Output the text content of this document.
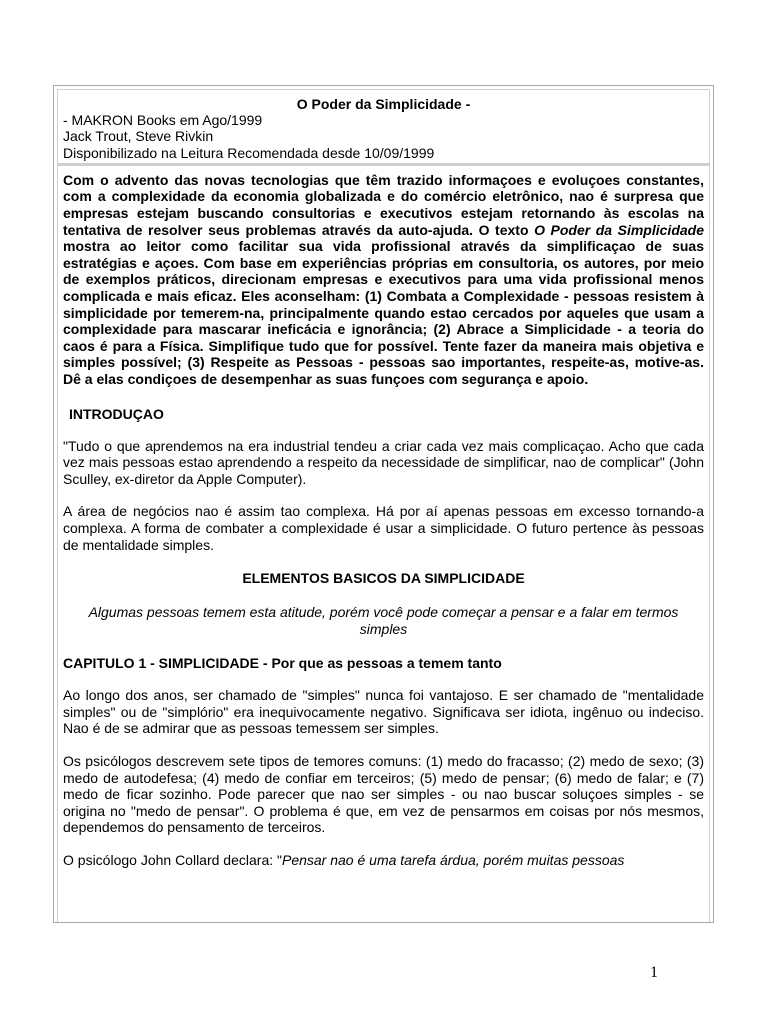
O Poder da Simplicidade -
- MAKRON Books em Ago/1999
Jack Trout, Steve Rivkin
Disponibilizado na Leitura Recomendada desde 10/09/1999

Com o advento das novas tecnologias que têm trazido informaçoes e evoluçoes constantes, com a complexidade da economia globalizada e do comércio eletrônico, nao é surpresa que empresas estejam buscando consultorias e executivos estejam retornando às escolas na tentativa de resolver seus problemas através da auto-ajuda. O texto O Poder da Simplicidade mostra ao leitor como facilitar sua vida profissional através da simplificaçao de suas estratégias e açoes. Com base em experiências próprias em consultoria, os autores, por meio de exemplos práticos, direcionam empresas e executivos para uma vida profissional menos complicada e mais eficaz. Eles aconselham: (1) Combata a Complexidade - pessoas resistem à simplicidade por temerem-na, principalmente quando estao cercados por aqueles que usam a complexidade para mascarar ineficácia e ignorância; (2) Abrace a Simplicidade - a teoria do caos é para a Física. Simplifique tudo que for possível. Tente fazer da maneira mais objetiva e simples possível; (3) Respeite as Pessoas - pessoas sao importantes, respeite-as, motive-as. Dê a elas condiçoes de desempenhar as suas funçoes com segurança e apoio.

INTRODUÇAO

"Tudo o que aprendemos na era industrial tendeu a criar cada vez mais complicaçao. Acho que cada vez mais pessoas estao aprendendo a respeito da necessidade de simplificar, nao de complicar" (John Sculley, ex-diretor da Apple Computer).

A área de negócios nao é assim tao complexa. Há por aí apenas pessoas em excesso tornando-a complexa. A forma de combater a complexidade é usar a simplicidade. O futuro pertence às pessoas de mentalidade simples.

ELEMENTOS BASICOS DA SIMPLICIDADE

Algumas pessoas temem esta atitude, porém você pode começar a pensar e a falar em termos simples

CAPITULO 1 - SIMPLICIDADE - Por que as pessoas a temem tanto

Ao longo dos anos, ser chamado de "simples" nunca foi vantajoso. E ser chamado de "mentalidade simples" ou de "simplório" era inequivocamente negativo. Significava ser idiota, ingênuo ou indeciso. Nao é de se admirar que as pessoas temessem ser simples.

Os psicólogos descrevem sete tipos de temores comuns: (1) medo do fracasso; (2) medo de sexo; (3) medo de autodefesa; (4) medo de confiar em terceiros; (5) medo de pensar; (6) medo de falar; e (7) medo de ficar sozinho. Pode parecer que nao ser simples - ou nao buscar soluçoes simples - se origina no "medo de pensar". O problema é que, em vez de pensarmos em coisas por nós mesmos, dependemos do pensamento de terceiros.

O psicólogo John Collard declara: "Pensar nao é uma tarefa árdua, porém muitas pessoas

1
